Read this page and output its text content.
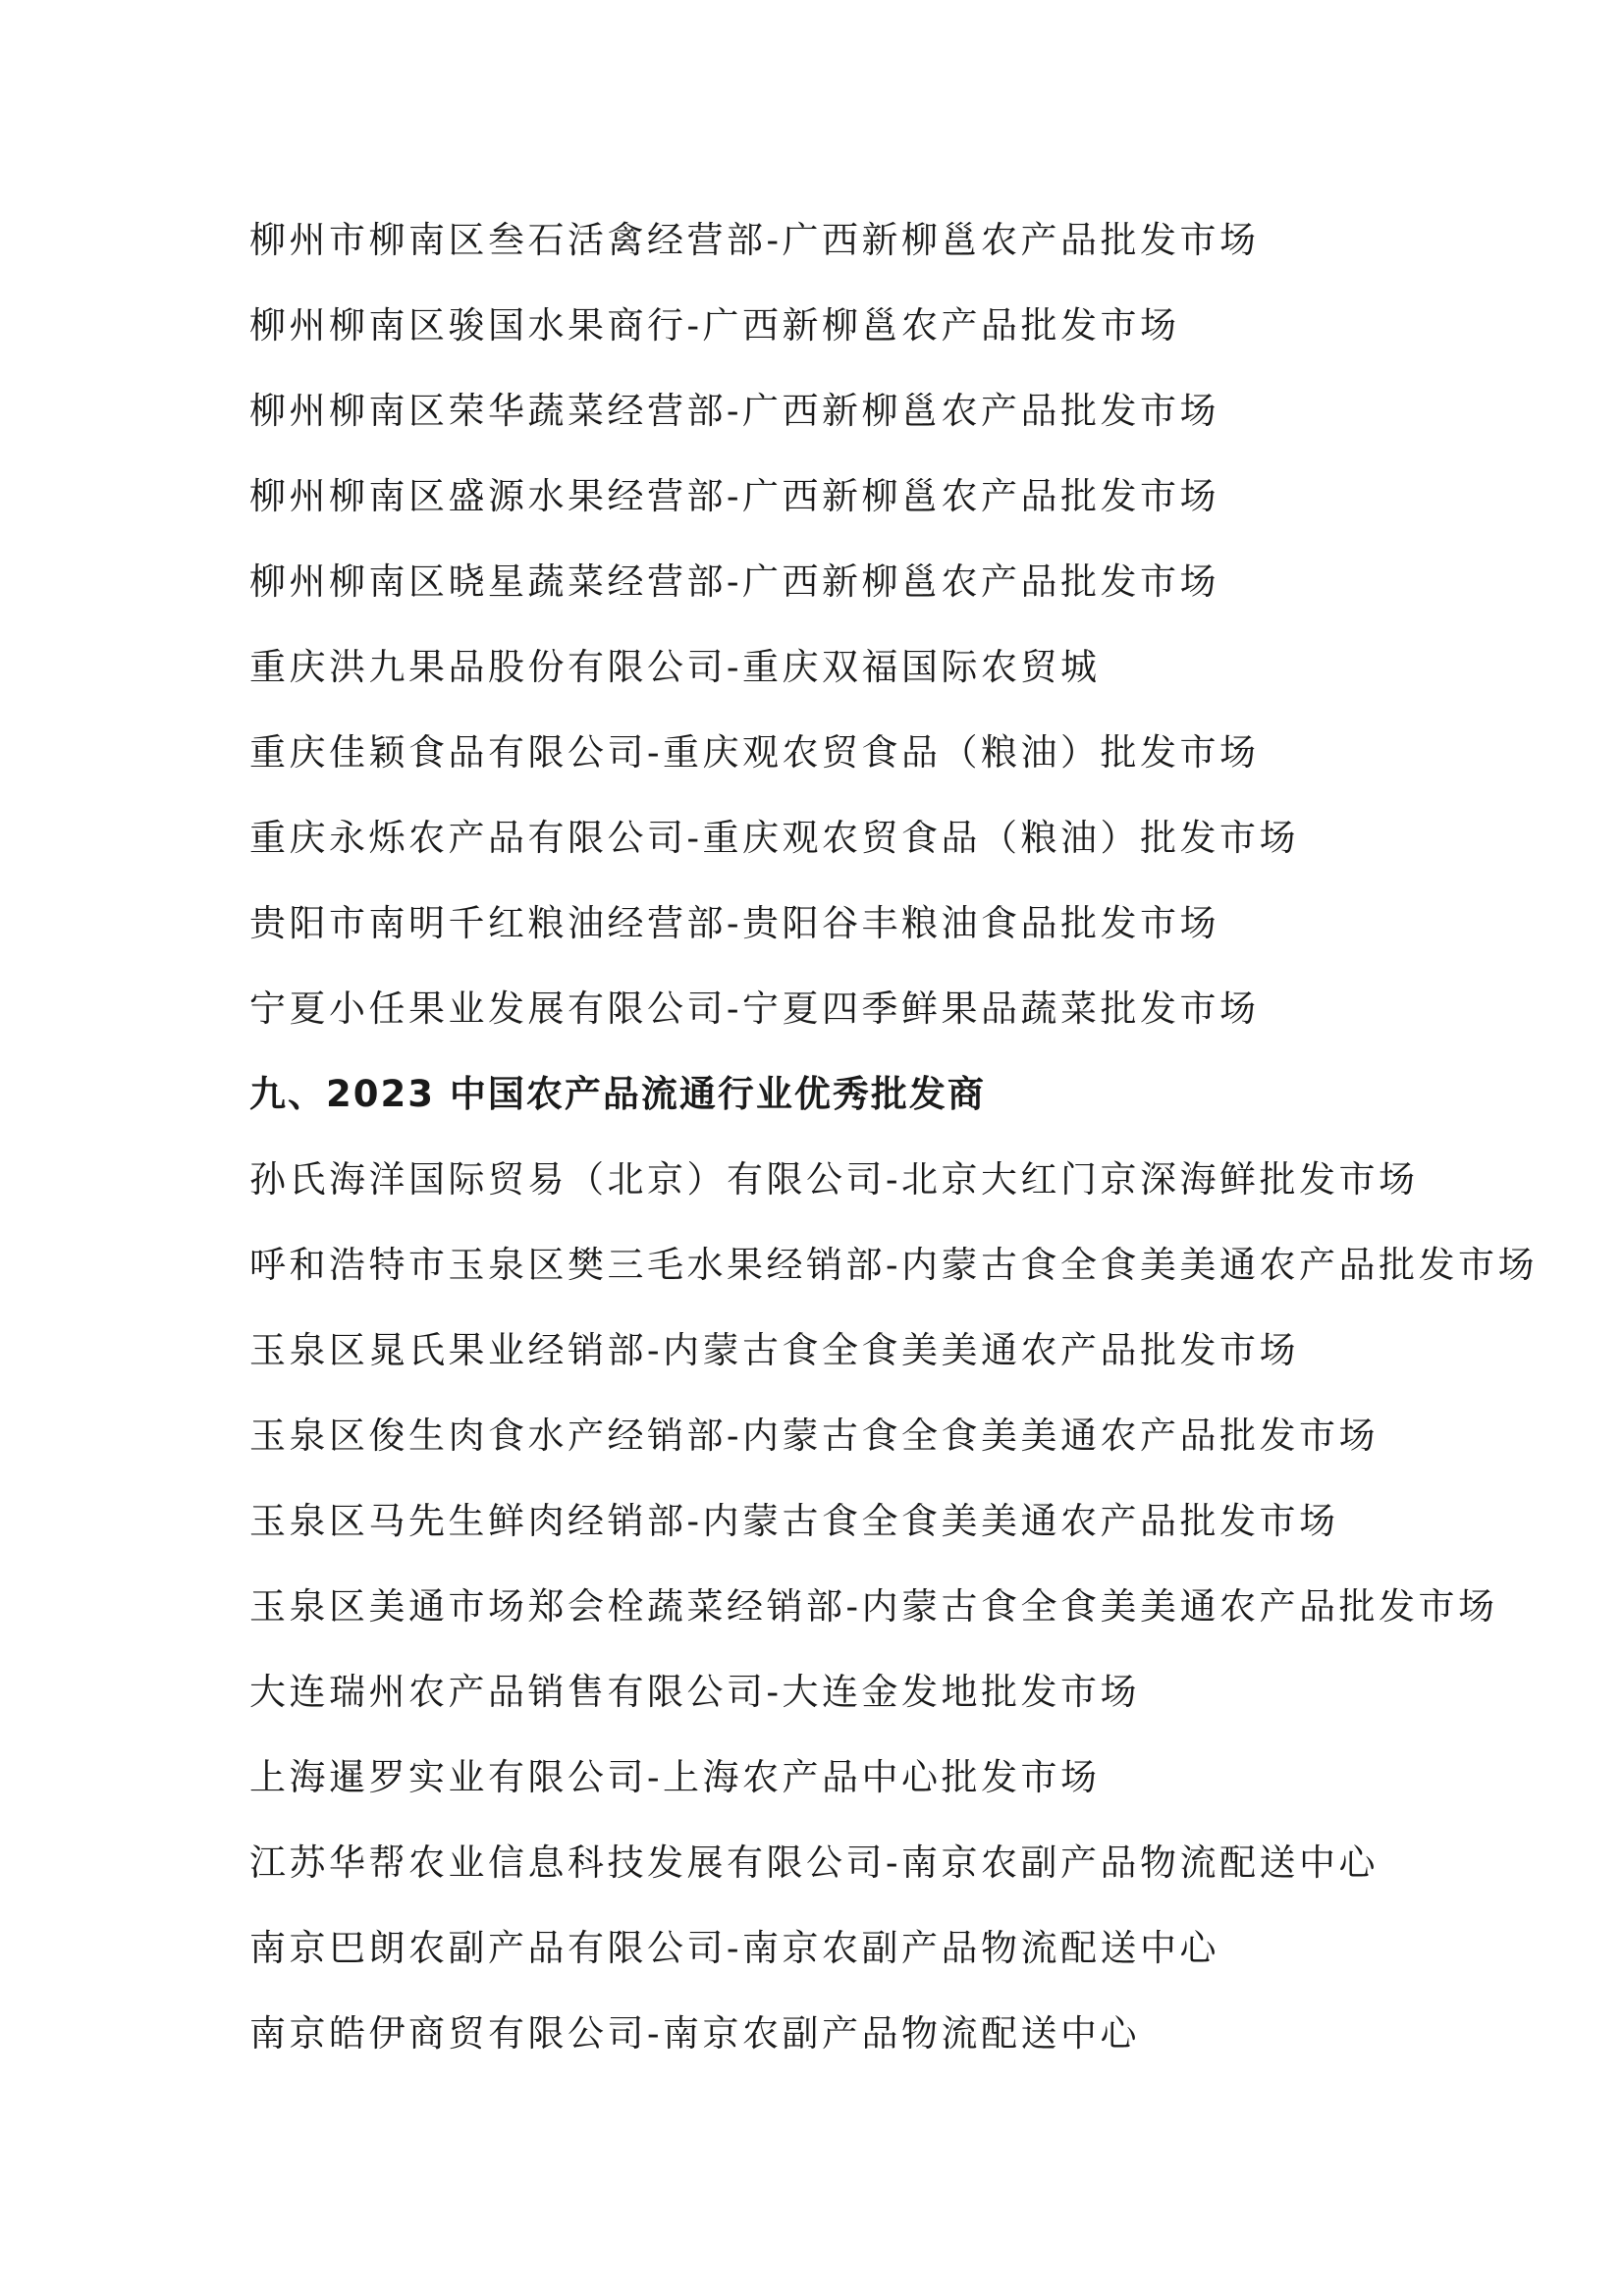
柳州市柳南区叁石活禽经营部-广西新柳邕农产品批发市场
柳州柳南区骏国水果商行-广西新柳邕农产品批发市场
柳州柳南区荣华蔬菜经营部-广西新柳邕农产品批发市场
柳州柳南区盛源水果经营部-广西新柳邕农产品批发市场
柳州柳南区晓星蔬菜经营部-广西新柳邕农产品批发市场
重庆洪九果品股份有限公司-重庆双福国际农贸城
重庆佳颖食品有限公司-重庆观农贸食品（粮油）批发市场
重庆永烁农产品有限公司-重庆观农贸食品（粮油）批发市场
贵阳市南明千红粮油经营部-贵阳谷丰粮油食品批发市场
宁夏小任果业发展有限公司-宁夏四季鲜果品蔬菜批发市场
九、2023 中国农产品流通行业优秀批发商
孙氏海洋国际贸易（北京）有限公司-北京大红门京深海鲜批发市场
呼和浩特市玉泉区樊三毛水果经销部-内蒙古食全食美美通农产品批发市场
玉泉区晁氏果业经销部-内蒙古食全食美美通农产品批发市场
玉泉区俊生肉食水产经销部-内蒙古食全食美美通农产品批发市场
玉泉区马先生鲜肉经销部-内蒙古食全食美美通农产品批发市场
玉泉区美通市场郑会栓蔬菜经销部-内蒙古食全食美美通农产品批发市场
大连瑞州农产品销售有限公司-大连金发地批发市场
上海暹罗实业有限公司-上海农产品中心批发市场
江苏华帮农业信息科技发展有限公司-南京农副产品物流配送中心
南京巴朗农副产品有限公司-南京农副产品物流配送中心
南京皓伊商贸有限公司-南京农副产品物流配送中心
